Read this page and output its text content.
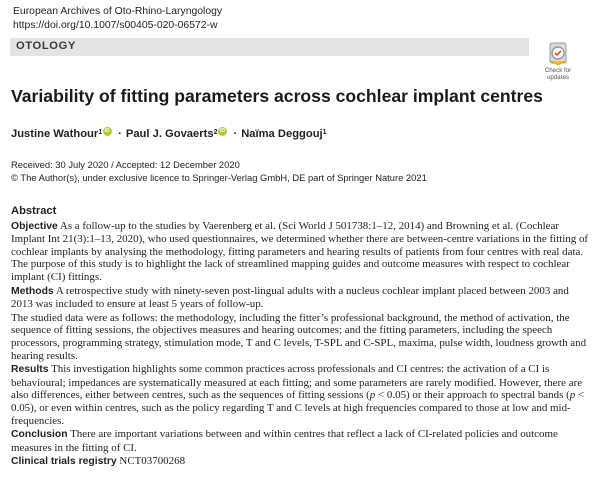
European Archives of Oto-Rhino-Laryngology
https://doi.org/10.1007/s00405-020-06572-w
OTOLOGY
Check for
updates
Variability of fitting parameters across cochlear implant centres
Justine Wathour$^1$ iD · Paul J. Govaerts$^2$ iD · Naïma Deggouj$^1$
Received: 30 July 2020 / Accepted: 12 December 2020
© The Author(s), under exclusive licence to Springer-Verlag GmbH, DE part of Springer Nature 2021
Abstract
Objective As a follow-up to the studies by Vaerenberg et al. (Sci World J 501738:1–12, 2014) and Browning et al. (Cochlear Implant Int 21(3):1–13, 2020), who used questionnaires, we determined whether there are between-centre variations in the fitting of cochlear implants by analysing the methodology, fitting parameters and hearing results of patients from four centres with real data. The purpose of this study is to highlight the lack of streamlined mapping guides and outcome measures with respect to cochlear implant (CI) fittings.
Methods A retrospective study with ninety-seven post-lingual adults with a nucleus cochlear implant placed between 2003 and 2013 was included to ensure at least 5 years of follow-up.
The studied data were as follows: the methodology, including the fitter’s professional background, the method of activation, the sequence of fitting sessions, the objectives measures and hearing outcomes; and the fitting parameters, including the speech processors, programming strategy, stimulation mode, T and C levels, T-SPL and C-SPL, maxima, pulse width, loudness growth and hearing results.
Results This investigation highlights some common practices across professionals and CI centres: the activation of a CI is behavioural; impedances are systematically measured at each fitting; and some parameters are rarely modified. However, there are also differences, either between centres, such as the sequences of fitting sessions (p < 0.05) or their approach to spectral bands (p < 0.05), or even within centres, such as the policy regarding T and C levels at high frequencies compared to those at low and mid-frequencies.
Conclusion There are important variations between and within centres that reflect a lack of CI-related policies and outcome measures in the fitting of CI.
Clinical trials registry NCT03700268
